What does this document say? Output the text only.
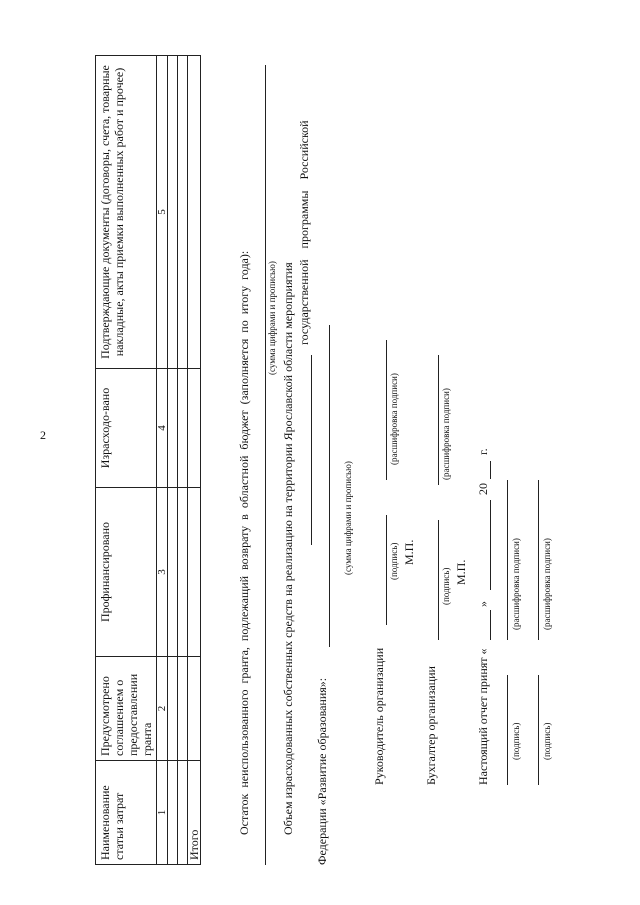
2
Наименование статьи затрат	Предусмотрено соглашением о предоставлении гранта	Профинансировано	Израсходо-вано	Подтверждающие документы (договоры, счета, товарные накладные, акты приемки выполненных работ и прочее)
1	2	3	4	5

Итого				
Остаток неиспользованного гранта, подлежащий возврату в областной бюджет (заполняется по итогу года): (сумма цифрами и прописью) Объем израсходованных собственных средств на реализацию на территории Ярославской области мероприятия
государственной программы Российской
Федерации «Развитие образования»:
(сумма цифрами и прописью)
Руководитель организации
(подпись)
(расшифровка подписи)
М.П.
Бухгалтер организации
(подпись)
(расшифровка подписи)
М.П.
Настоящий отчет принят «
»
20
г.
(подпись)
(расшифровка подписи)
(подпись)
(расшифровка подписи)
